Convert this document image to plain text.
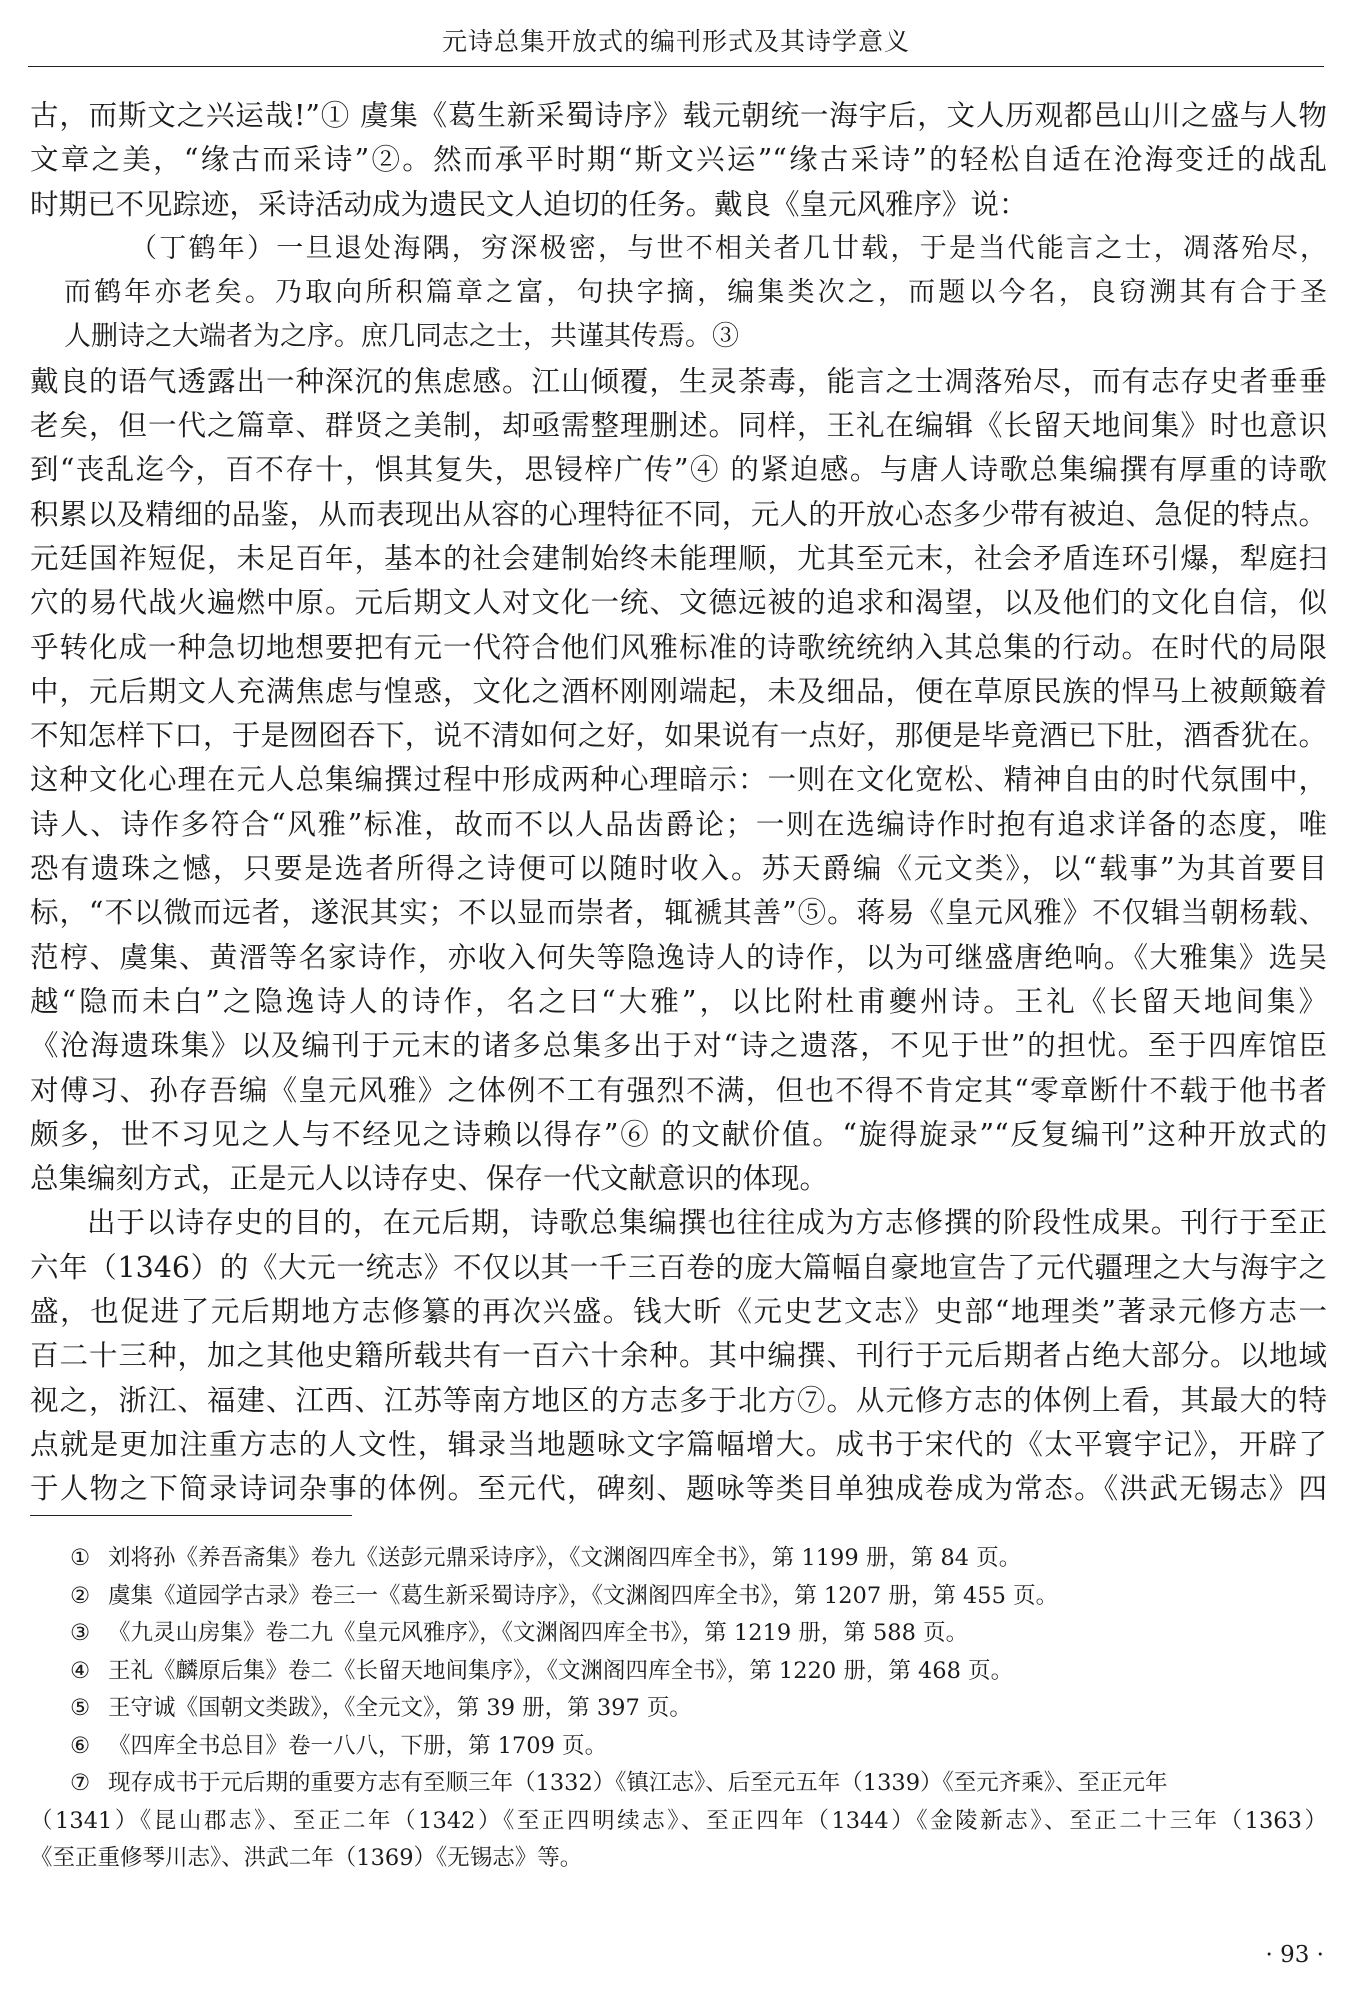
元诗总集开放式的编刊形式及其诗学意义
古，而斯文之兴运哉!”① 虞集《葛生新采蜀诗序》载元朝统一海宇后，文人历观都邑山川之盛与人物
文章之美，“缘古而采诗”②。然而承平时期“斯文兴运”“缘古采诗”的轻松自适在沧海变迁的战乱
时期已不见踪迹，采诗活动成为遗民文人迫切的任务。戴良《皇元风雅序》说：
（丁鹤年）一旦退处海隅，穷深极密，与世不相关者几廿载，于是当代能言之士，凋落殆尽，
而鹤年亦老矣。乃取向所积篇章之富，句抉字摘，编集类次之，而题以今名，良窃溯其有合于圣
人删诗之大端者为之序。庶几同志之士，共谨其传焉。③
戴良的语气透露出一种深沉的焦虑感。江山倾覆，生灵荼毒，能言之士凋落殆尽，而有志存史者垂垂
老矣，但一代之篇章、群贤之美制，却亟需整理删述。同样，王礼在编辑《长留天地间集》时也意识
到“丧乱迄今，百不存十，惧其复失，思锓梓广传”④ 的紧迫感。与唐人诗歌总集编撰有厚重的诗歌
积累以及精细的品鉴，从而表现出从容的心理特征不同，元人的开放心态多少带有被迫、急促的特点。
元廷国祚短促，未足百年，基本的社会建制始终未能理顺，尤其至元末，社会矛盾连环引爆，犁庭扫
穴的易代战火遍燃中原。元后期文人对文化一统、文德远被的追求和渴望，以及他们的文化自信，似
乎转化成一种急切地想要把有元一代符合他们风雅标准的诗歌统统纳入其总集的行动。在时代的局限
中，元后期文人充满焦虑与惶惑，文化之酒杯刚刚端起，未及细品，便在草原民族的悍马上被颠簸着
不知怎样下口，于是囫囵吞下，说不清如何之好，如果说有一点好，那便是毕竟酒已下肚，酒香犹在。
这种文化心理在元人总集编撰过程中形成两种心理暗示：一则在文化宽松、精神自由的时代氛围中，
诗人、诗作多符合“风雅”标准，故而不以人品齿爵论；一则在选编诗作时抱有追求详备的态度，唯
恐有遗珠之憾，只要是选者所得之诗便可以随时收入。苏天爵编《元文类》，以“载事”为其首要目
标，“不以微而远者，遂泯其实；不以显而崇者，辄褫其善”⑤。蒋易《皇元风雅》不仅辑当朝杨载、
范梈、虞集、黄溍等名家诗作，亦收入何失等隐逸诗人的诗作，以为可继盛唐绝响。《大雅集》选吴
越“隐而未白”之隐逸诗人的诗作，名之曰“大雅”，以比附杜甫夔州诗。王礼《长留天地间集》
《沧海遗珠集》以及编刊于元末的诸多总集多出于对“诗之遗落，不见于世”的担忧。至于四库馆臣
对傅习、孙存吾编《皇元风雅》之体例不工有强烈不满，但也不得不肯定其“零章断什不载于他书者
颇多，世不习见之人与不经见之诗赖以得存”⑥ 的文献价值。“旋得旋录”“反复编刊”这种开放式的
总集编刻方式，正是元人以诗存史、保存一代文献意识的体现。
出于以诗存史的目的，在元后期，诗歌总集编撰也往往成为方志修撰的阶段性成果。刊行于至正
六年（1346）的《大元一统志》不仅以其一千三百卷的庞大篇幅自豪地宣告了元代疆理之大与海宇之
盛，也促进了元后期地方志修纂的再次兴盛。钱大昕《元史艺文志》史部“地理类”著录元修方志一
百二十三种，加之其他史籍所载共有一百六十余种。其中编撰、刊行于元后期者占绝大部分。以地域
视之，浙江、福建、江西、江苏等南方地区的方志多于北方⑦。从元修方志的体例上看，其最大的特
点就是更加注重方志的人文性，辑录当地题咏文字篇幅增大。成书于宋代的《太平寰宇记》，开辟了
于人物之下简录诗词杂事的体例。至元代，碑刻、题咏等类目单独成卷成为常态。《洪武无锡志》四
① 刘将孙《养吾斋集》卷九《送彭元鼎采诗序》，《文渊阁四库全书》，第 1199 册，第 84 页。
② 虞集《道园学古录》卷三一《葛生新采蜀诗序》，《文渊阁四库全书》，第 1207 册，第 455 页。
③ 《九灵山房集》卷二九《皇元风雅序》，《文渊阁四库全书》，第 1219 册，第 588 页。
④ 王礼《麟原后集》卷二《长留天地间集序》，《文渊阁四库全书》，第 1220 册，第 468 页。
⑤ 王守诚《国朝文类跋》，《全元文》，第 39 册，第 397 页。
⑥ 《四库全书总目》卷一八八，下册，第 1709 页。
⑦ 现存成书于元后期的重要方志有至顺三年（1332）《镇江志》、后至元五年（1339）《至元齐乘》、至正元年
（1341）《昆山郡志》、至正二年（1342）《至正四明续志》、至正四年（1344）《金陵新志》、至正二十三年（1363）
《至正重修琴川志》、洪武二年（1369）《无锡志》等。
· 93 ·
